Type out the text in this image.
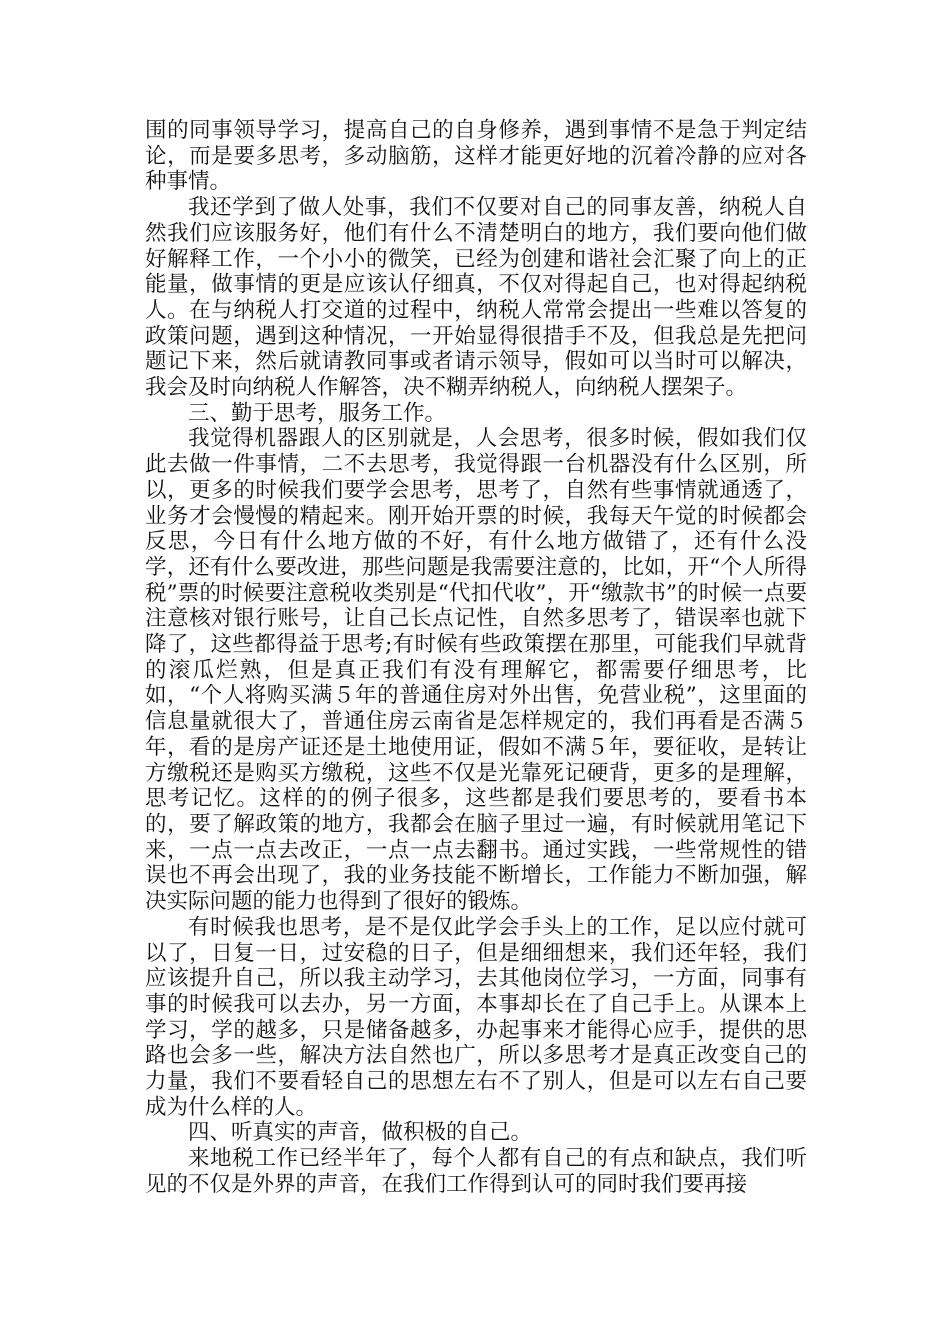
围的同事领导学习，提高自己的自身修养，遇到事情不是急于判定结论，而是要多思考，多动脑筋，这样才能更好地的沉着冷静的应对各种事情。

我还学到了做人处事，我们不仅要对自己的同事友善，纳税人自然我们应该服务好，他们有什么不清楚明白的地方，我们要向他们做好解释工作，一个小小的微笑，已经为创建和谐社会汇聚了向上的正能量，做事情的更是应该认仔细真，不仅对得起自己，也对得起纳税人。在与纳税人打交道的过程中，纳税人常常会提出一些难以答复的政策问题，遇到这种情况，一开始显得很措手不及，但我总是先把问题记下来，然后就请教同事或者请示领导，假如可以当时可以解决，我会及时向纳税人作解答，决不糊弄纳税人，向纳税人摆架子。

三、勤于思考，服务工作。

我觉得机器跟人的区别就是，人会思考，很多时候，假如我们仅此去做一件事情，二不去思考，我觉得跟一台机器没有什么区别，所以，更多的时候我们要学会思考，思考了，自然有些事情就通透了，业务才会慢慢的精起来。刚开始开票的时候，我每天午觉的时候都会反思，今日有什么地方做的不好，有什么地方做错了，还有什么没学，还有什么要改进，那些问题是我需要注意的，比如，开“个人所得税”票的时候要注意税收类别是“代扣代收”，开“缴款书”的时候一点要注意核对银行账号，让自己长点记性，自然多思考了，错误率也就下降了，这些都得益于思考;有时候有些政策摆在那里，可能我们早就背的滚瓜烂熟，但是真正我们有没有理解它，都需要仔细思考，比如，“个人将购买满５年的普通住房对外出售，免营业税”，这里面的信息量就很大了，普通住房云南省是怎样规定的，我们再看是否满５年，看的是房产证还是土地使用证，假如不满５年，要征收，是转让方缴税还是购买方缴税，这些不仅是光靠死记硬背，更多的是理解，思考记忆。这样的的例子很多，这些都是我们要思考的，要看书本的，要了解政策的地方，我都会在脑子里过一遍，有时候就用笔记下来，一点一点去改正，一点一点去翻书。通过实践，一些常规性的错误也不再会出现了，我的业务技能不断增长，工作能力不断加强，解决实际问题的能力也得到了很好的锻炼。

有时候我也思考，是不是仅此学会手头上的工作，足以应付就可以了，日复一日，过安稳的日子，但是细细想来，我们还年轻，我们应该提升自己，所以我主动学习，去其他岗位学习，一方面，同事有事的时候我可以去办，另一方面，本事却长在了自己手上。从课本上学习，学的越多，只是储备越多，办起事来才能得心应手，提供的思路也会多一些，解决方法自然也广，所以多思考才是真正改变自己的力量，我们不要看轻自己的思想左右不了别人，但是可以左右自己要成为什么样的人。

四、听真实的声音，做积极的自己。

来地税工作已经半年了，每个人都有自己的有点和缺点，我们听见的不仅是外界的声音，在我们工作得到认可的同时我们要再接
